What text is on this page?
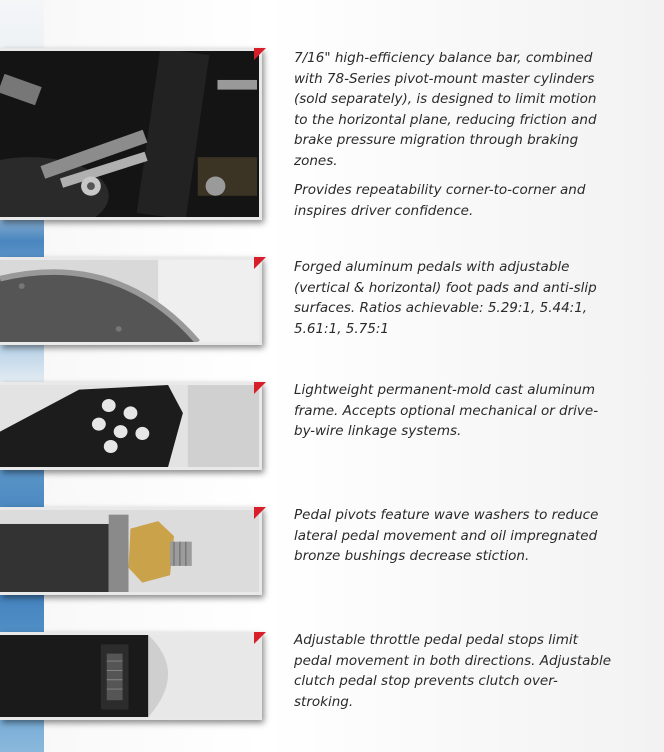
7/16" high-efficiency balance bar, combined with 78-Series pivot-mount master cylinders (sold separately), is designed to limit motion to the horizontal plane, reducing friction and brake pressure migration through braking zones.

Provides repeatability corner-to-corner and inspires driver confidence.

Forged aluminum pedals with adjustable (vertical & horizontal) foot pads and anti-slip surfaces. Ratios achievable: 5.29:1, 5.44:1, 5.61:1, 5.75:1

Lightweight permanent-mold cast aluminum frame. Accepts optional mechanical or drive-by-wire linkage systems.

Pedal pivots feature wave washers to reduce lateral pedal movement and oil impregnated bronze bushings decrease stiction.

Adjustable throttle pedal pedal stops limit pedal movement in both directions. Adjustable clutch pedal stop prevents clutch over-stroking.
